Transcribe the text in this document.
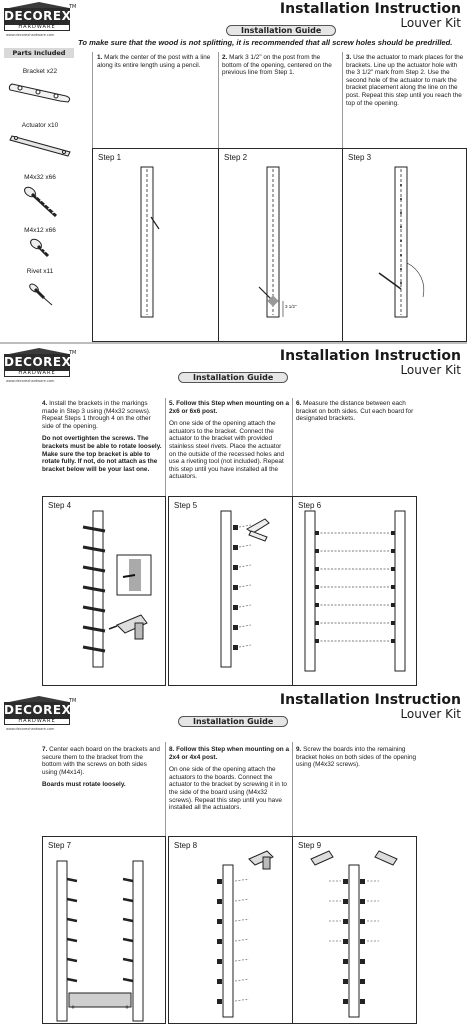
DECOREX
TM
HARDWARE
www.decorexhardware.com
Installation Instruction
Louver Kit
Installation Guide
To make sure that the wood is not splitting, it is recommended that all screw holes should be predrilled.
Parts Included
Bracket x22
Actuator x10
M4x32 x66
M4x12 x66
Rivet x11
1. Mark the center of the post with a line along its entire length using a pencil.
2. Mark 3 1/2" on the post from the bottom of the opening, centered on the previous line from Step 1.
3. Use the actuator to mark places for the brackets. Line up the actuator hole with the 3 1/2" mark from Step 2. Use the second hole of the actuator to mark the bracket placement along the line on the post. Repeat this step until you reach the top of the opening.
Step 1	Step 2
3 1/2"
Step 3
DECOREX
TM
HARDWARE
www.decorexhardware.com
Installation Instruction
Louver Kit
Installation Guide

4. Install the brackets in the markings made in Step 3 using (M4x32 screws). Repeat Steps 1 through 4 on the other side of the opening.

Do not overtighten the screws. The brackets must be able to rotate loosely. Make sure the top bracket is able to rotate fully. If not, do not attach as the bracket below will be your last one.

5. Follow this Step when mounting on a 2x6 or 6x6 post.

On one side of the opening attach the actuators to the bracket. Connect the actuator to the bracket with provided stainless steel rivets. Place the actuator on the outside of the recessed holes and use a riveting tool (not included). Repeat this step until you have installed all the actuators.

6. Measure the distance between each bracket on both sides. Cut each board for designated brackets.
Step 4	Step 5	Step 6
DECOREX
TM
HARDWARE
www.decorexhardware.com
Installation Instruction
Louver Kit
Installation Guide

7. Center each board on the brackets and secure them to the bracket from the bottom with the screws on both sides using (M4x14).

Boards must rotate loosely.

8. Follow this Step when mounting on a 2x4 or 4x4 post.

On one side of the opening attach the actuators to the boards. Connect the actuator to the bracket by screwing it in to the side of the board using (M4x32 screws). Repeat this step until you have installed all the actuators.

9. Screw the boards into the remaining bracket holes on both sides of the opening using (M4x32 screws).
Step 7	Step 8	Step 9
